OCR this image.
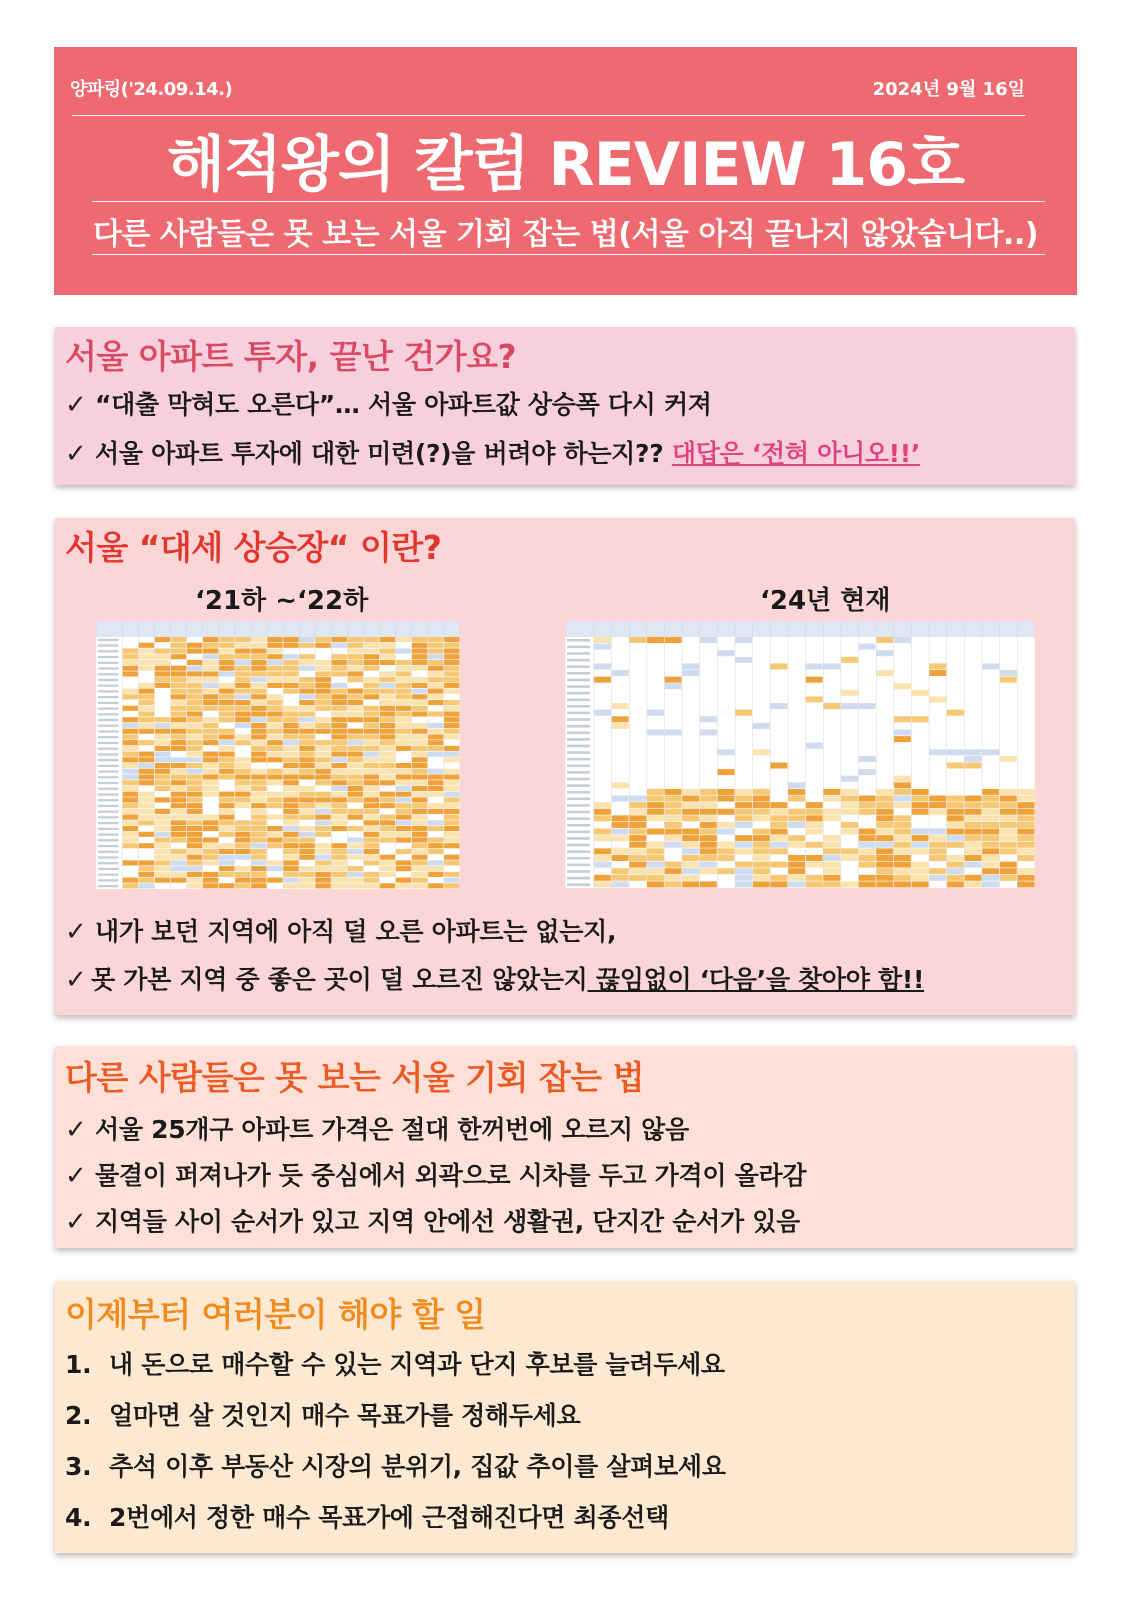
양파링('24.09.14.)	2024년 9월 16일
해적왕의 칼럼 REVIEW 16호
다른 사람들은 못 보는 서울 기회 잡는 법(서울 아직 끝나지 않았습니다..)
서울 아파트 투자, 끝난 건가요?
✓ “대출 막혀도 오른다”… 서울 아파트값 상승폭 다시 커져
✓ 서울 아파트 투자에 대한 미련(?)을 버려야 하는지?? 대답은 ‘전혀 아니오!!’
서울 “대세 상승장“ 이란?
‘21하 ~‘22하	‘24년 현재
✓ 내가 보던 지역에 아직 덜 오른 아파트는 없는지,
✓ 못 가본 지역 중 좋은 곳이 덜 오르진 않았는지 끊임없이 ‘다음’을 찾아야 함!!
다른 사람들은 못 보는 서울 기회 잡는 법
✓ 서울 25개구 아파트 가격은 절대 한꺼번에 오르지 않음
✓ 물결이 퍼져나가 듯 중심에서 외곽으로 시차를 두고 가격이 올라감
✓ 지역들 사이 순서가 있고 지역 안에선 생활권, 단지간 순서가 있음
이제부터 여러분이 해야 할 일
1. 내 돈으로 매수할 수 있는 지역과 단지 후보를 늘려두세요
2. 얼마면 살 것인지 매수 목표가를 정해두세요
3. 추석 이후 부동산 시장의 분위기, 집값 추이를 살펴보세요
4. 2번에서 정한 매수 목표가에 근접해진다면 최종선택
